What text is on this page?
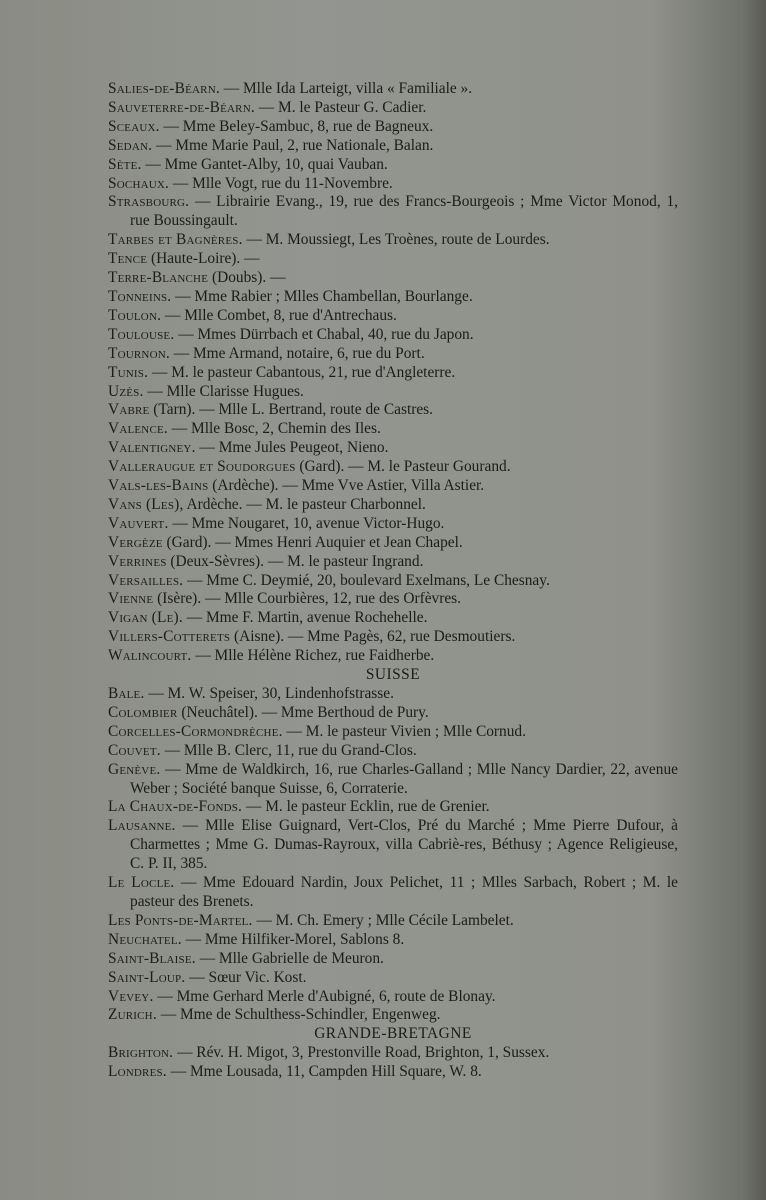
Salies-de-Béarn. — Mlle Ida Larteigt, villa « Familiale ».

Sauveterre-de-Béarn. — M. le Pasteur G. Cadier.

Sceaux. — Mme Beley-Sambuc, 8, rue de Bagneux.

Sedan. — Mme Marie Paul, 2, rue Nationale, Balan.

Sète. — Mme Gantet-Alby, 10, quai Vauban.

Sochaux. — Mlle Vogt, rue du 11-Novembre.

Strasbourg. — Librairie Evang., 19, rue des Francs-Bourgeois ; Mme Victor Monod, 1, rue Boussingault.

Tarbes et Bagnères. — M. Moussiegt, Les Troènes, route de Lourdes.

Tence (Haute-Loire). —

Terre-Blanche (Doubs). —

Tonneins. — Mme Rabier ; Mlles Chambellan, Bourlange.

Toulon. — Mlle Combet, 8, rue d'Antrechaus.

Toulouse. — Mmes Dürrbach et Chabal, 40, rue du Japon.

Tournon. — Mme Armand, notaire, 6, rue du Port.

Tunis. — M. le pasteur Cabantous, 21, rue d'Angleterre.

Uzès. — Mlle Clarisse Hugues.

Vabre (Tarn). — Mlle L. Bertrand, route de Castres.

Valence. — Mlle Bosc, 2, Chemin des Iles.

Valentigney. — Mme Jules Peugeot, Nieno.

Valleraugue et Soudorgues (Gard). — M. le Pasteur Gourand.

Vals-les-Bains (Ardèche). — Mme Vve Astier, Villa Astier.

Vans (Les), Ardèche. — M. le pasteur Charbonnel.

Vauvert. — Mme Nougaret, 10, avenue Victor-Hugo.

Vergèze (Gard). — Mmes Henri Auquier et Jean Chapel.

Verrines (Deux-Sèvres). — M. le pasteur Ingrand.

Versailles. — Mme C. Deymié, 20, boulevard Exelmans, Le Chesnay.

Vienne (Isère). — Mlle Courbières, 12, rue des Orfèvres.

Vigan (Le). — Mme F. Martin, avenue Rochehelle.

Villers-Cotterets (Aisne). — Mme Pagès, 62, rue Desmoutiers.

Walincourt. — Mlle Hélène Richez, rue Faidherbe.

SUISSE

Bale. — M. W. Speiser, 30, Lindenhofstrasse.

Colombier (Neuchâtel). — Mme Berthoud de Pury.

Corcelles-Cormondrèche. — M. le pasteur Vivien ; Mlle Cornud.

Couvet. — Mlle B. Clerc, 11, rue du Grand-Clos.

Genève. — Mme de Waldkirch, 16, rue Charles-Galland ; Mlle Nancy Dardier, 22, avenue Weber ; Société banque Suisse, 6, Corraterie.

La Chaux-de-Fonds. — M. le pasteur Ecklin, rue de Grenier.

Lausanne. — Mlle Elise Guignard, Vert-Clos, Pré du Marché ; Mme Pierre Dufour, à Charmettes ; Mme G. Dumas-Rayroux, villa Cabriè-res, Béthusy ; Agence Religieuse, C. P. II, 385.

Le Locle. — Mme Edouard Nardin, Joux Pelichet, 11 ; Mlles Sarbach, Robert ; M. le pasteur des Brenets.

Les Ponts-de-Martel. — M. Ch. Emery ; Mlle Cécile Lambelet.

Neuchatel. — Mme Hilfiker-Morel, Sablons 8.

Saint-Blaise. — Mlle Gabrielle de Meuron.

Saint-Loup. — Sœur Vic. Kost.

Vevey. — Mme Gerhard Merle d'Aubigné, 6, route de Blonay.

Zurich. — Mme de Schulthess-Schindler, Engenweg.

GRANDE-BRETAGNE

Brighton. — Rév. H. Migot, 3, Prestonville Road, Brighton, 1, Sussex.

Londres. — Mme Lousada, 11, Campden Hill Square, W. 8.
